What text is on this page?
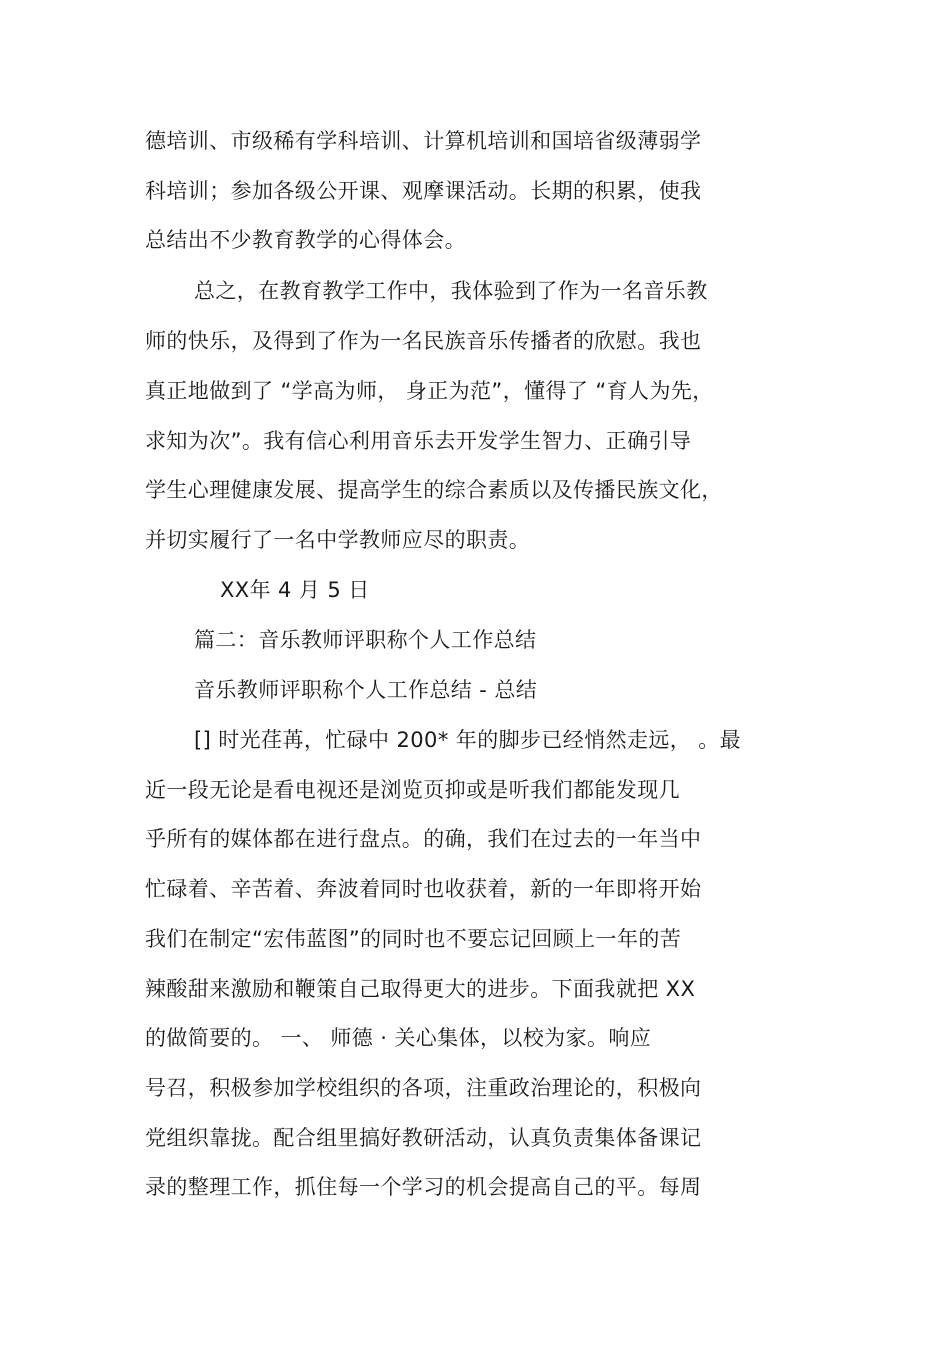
德培训、市级稀有学科培训、计算机培训和国培省级薄弱学
科培训；参加各级公开课、观摩课活动。长期的积累，使我
总结出不少教育教学的心得体会。
总之，在教育教学工作中，我体验到了作为一名音乐教
师的快乐，及得到了作为一名民族音乐传播者的欣慰。我也
真正地做到了 “学高为师， 身正为范”，懂得了 “育人为先，
求知为次”。我有信心利用音乐去开发学生智力、正确引导
学生心理健康发展、提高学生的综合素质以及传播民族文化，
并切实履行了一名中学教师应尽的职责。
XX年 4 月 5 日
篇二：音乐教师评职称个人工作总结
音乐教师评职称个人工作总结 - 总结
[] 时光荏苒，忙碌中 200* 年的脚步已经悄然走远， 。最
近一段无论是看电视还是浏览页抑或是听我们都能发现几
乎所有的媒体都在进行盘点。的确，我们在过去的一年当中
忙碌着、辛苦着、奔波着同时也收获着，新的一年即将开始
我们在制定“宏伟蓝图”的同时也不要忘记回顾上一年的苦
辣酸甜来激励和鞭策自己取得更大的进步。下面我就把 XX
的做简要的。 一、 师德 · 关心集体，以校为家。响应
号召，积极参加学校组织的各项，注重政治理论的，积极向
党组织靠拢。配合组里搞好教研活动，认真负责集体备课记
录的整理工作，抓住每一个学习的机会提高自己的平。每周
